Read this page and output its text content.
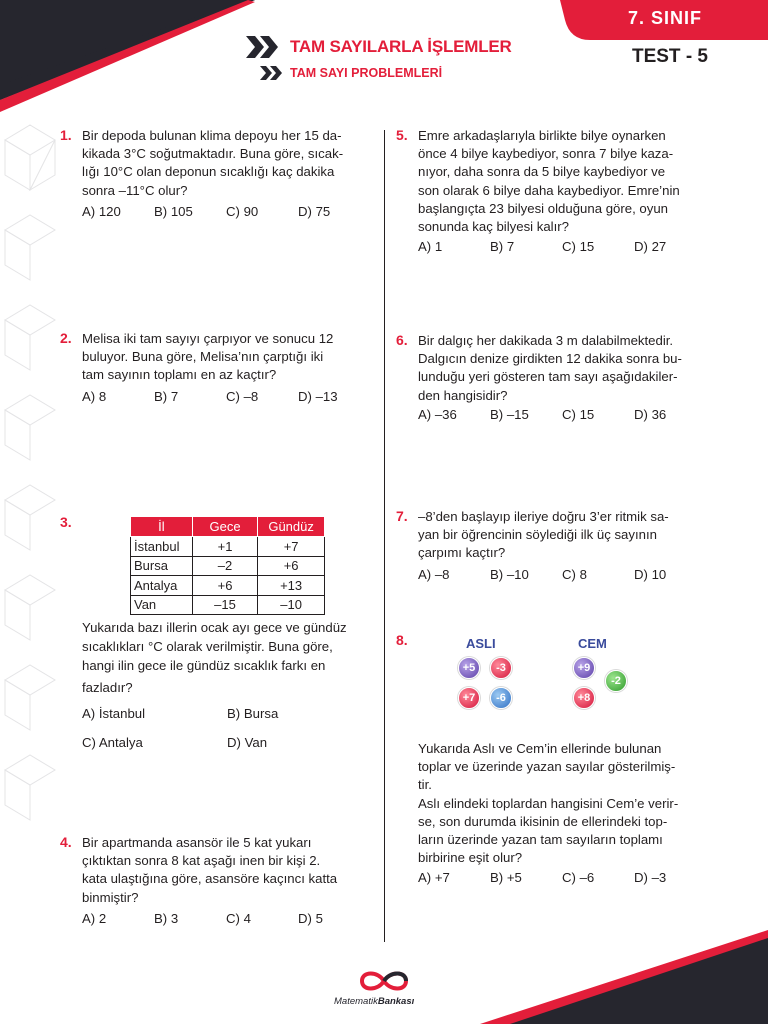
TAM SAYILARLA İŞLEMLER
TAM SAYI PROBLEMLERİ
7. SINIF
TEST - 5
1. Bir depoda bulunan klima depoyu her 15 da-
kikada 3°C soğutmaktadır. Buna göre, sıcak-
lığı 10°C olan deponun sıcaklığı kaç dakika
sonra –11°C olur?
A) 120	B) 105	C) 90	D) 75
2. Melisa iki tam sayıyı çarpıyor ve sonucu 12
buluyor. Buna göre, Melisa’nın çarptığı iki
tam sayının toplamı en az kaçtır?
A) 8	B) 7	C) –8	D) –13
3.	İl	Gece	Gündüz
İstanbul	+1	+7
Bursa	–2	+6
Antalya	+6	+13
Van	–15	–10
Yukarıda bazı illerin ocak ayı gece ve gündüz
sıcaklıkları °C olarak verilmiştir. Buna göre,
hangi ilin gece ile gündüz sıcaklık farkı en
fazladır?
A) İstanbul	B) Bursa
C) Antalya	D) Van
4. Bir apartmanda asansör ile 5 kat yukarı
çıktıktan sonra 8 kat aşağı inen bir kişi 2.
kata ulaştığına göre, asansöre kaçıncı katta
binmiştir?
A) 2	B) 3	C) 4	D) 5
5. Emre arkadaşlarıyla birlikte bilye oynarken
önce 4 bilye kaybediyor, sonra 7 bilye kaza-
nıyor, daha sonra da 5 bilye kaybediyor ve
son olarak 6 bilye daha kaybediyor. Emre’nin
başlangıçta 23 bilyesi olduğuna göre, oyun
sonunda kaç bilyesi kalır?
A) 1	B) 7	C) 15	D) 27
6. Bir dalgıç her dakikada 3 m dalabilmektedir.
Dalgıcın denize girdikten 12 dakika sonra bu-
lunduğu yeri gösteren tam sayı aşağıdakiler-
den hangisidir?
A) –36	B) –15	C) 15	D) 36
7. –8’den başlayıp ileriye doğru 3’er ritmik sa-
yan bir öğrencinin söylediği ilk üç sayının
çarpımı kaçtır?
A) –8	B) –10	C) 8	D) 10
8.	ASLI
+5	-3
+7	-6
CEM
+9
-2
+8
Yukarıda Aslı ve Cem’in ellerinde bulunan
toplar ve üzerinde yazan sayılar gösterilmiş-
tir.
Aslı elindeki toplardan hangisini Cem’e verir-
se, son durumda ikisinin de ellerindeki top-
ların üzerinde yazan tam sayıların toplamı
birbirine eşit olur?
A) +7	B) +5	C) –6	D) –3
MatematikBankası
